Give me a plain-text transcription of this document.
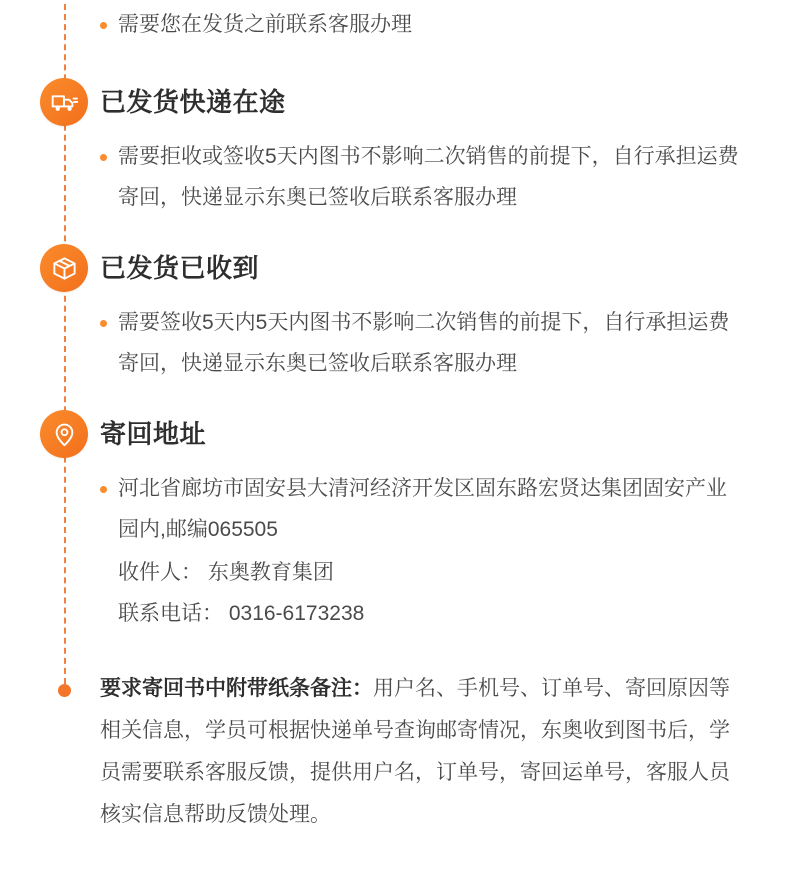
需要您在发货之前联系客服办理
已发货快递在途
需要拒收或签收5天内图书不影响二次销售的前提下，自行承担运费寄回，快递显示东奥已签收后联系客服办理
已发货已收到
需要签收5天内5天内图书不影响二次销售的前提下，自行承担运费寄回，快递显示东奥已签收后联系客服办理
寄回地址
河北省廊坊市固安县大清河经济开发区固东路宏贤达集团固安产业园内,邮编065505
收件人： 东奥教育集团
联系电话： 0316-6173238
要求寄回书中附带纸条备注：用户名、手机号、订单号、寄回原因等相关信息，学员可根据快递单号查询邮寄情况，东奥收到图书后，学员需要联系客服反馈，提供用户名，订单号，寄回运单号，客服人员核实信息帮助反馈处理。
